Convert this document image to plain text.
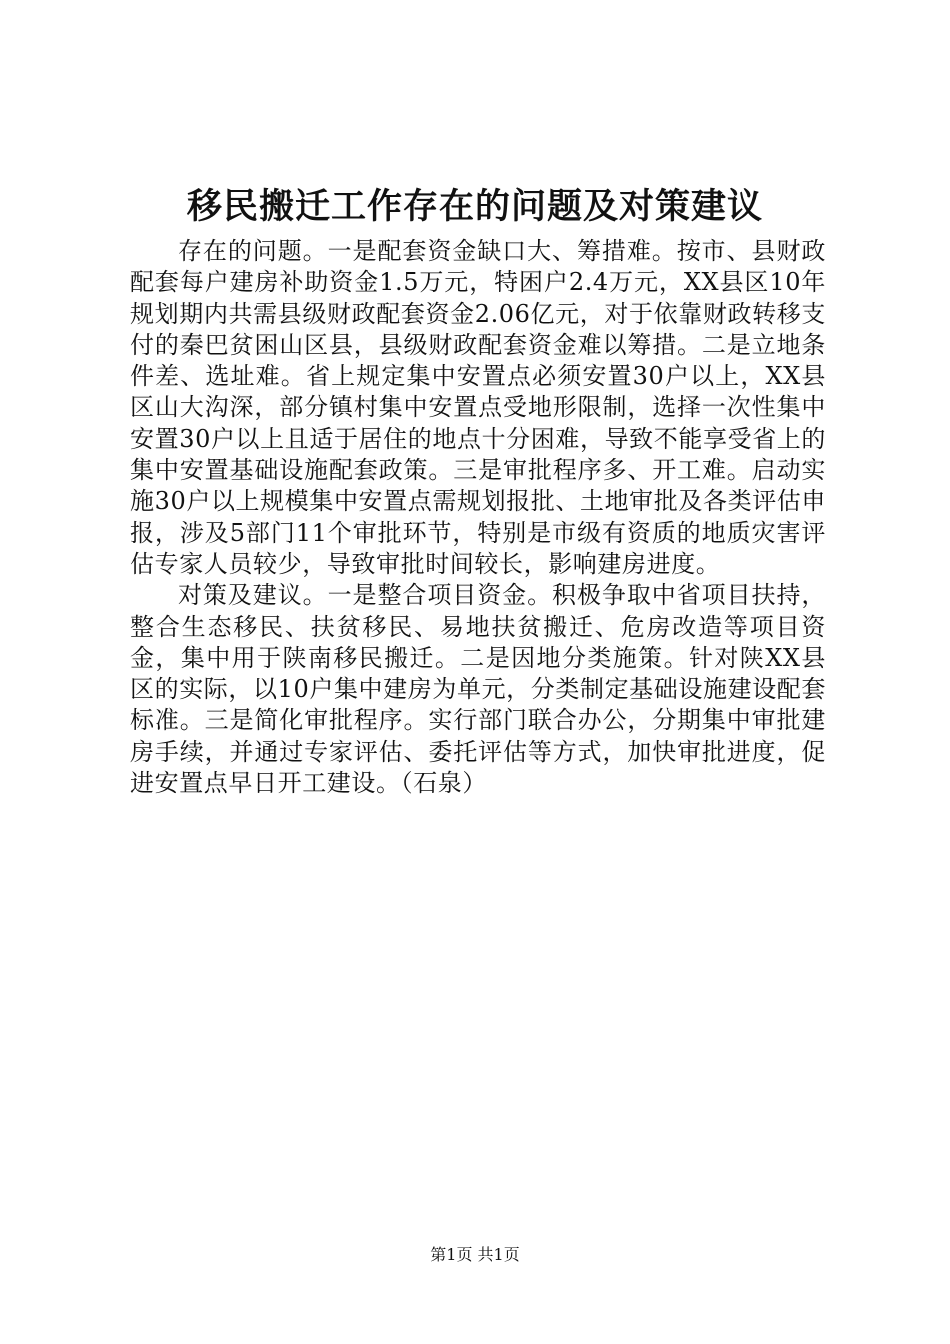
移民搬迁工作存在的问题及对策建议

存在的问题。一是配套资金缺口大、筹措难。按市、县财政配套每户建房补助资金1.5万元，特困户2.4万元，XX县区10年规划期内共需县级财政配套资金2.06亿元，对于依靠财政转移支付的秦巴贫困山区县，县级财政配套资金难以筹措。二是立地条件差、选址难。省上规定集中安置点必须安置30户以上，XX县区山大沟深，部分镇村集中安置点受地形限制，选择一次性集中安置30户以上且适于居住的地点十分困难，导致不能享受省上的集中安置基础设施配套政策。三是审批程序多、开工难。启动实施30户以上规模集中安置点需规划报批、土地审批及各类评估申报，涉及5部门11个审批环节，特别是市级有资质的地质灾害评估专家人员较少，导致审批时间较长，影响建房进度。

对策及建议。一是整合项目资金。积极争取中省项目扶持，整合生态移民、扶贫移民、易地扶贫搬迁、危房改造等项目资金，集中用于陕南移民搬迁。二是因地分类施策。针对陕XX县区的实际，以10户集中建房为单元，分类制定基础设施建设配套标准。三是简化审批程序。实行部门联合办公，分期集中审批建房手续，并通过专家评估、委托评估等方式，加快审批进度，促进安置点早日开工建设。（石泉）

第1页 共1页
